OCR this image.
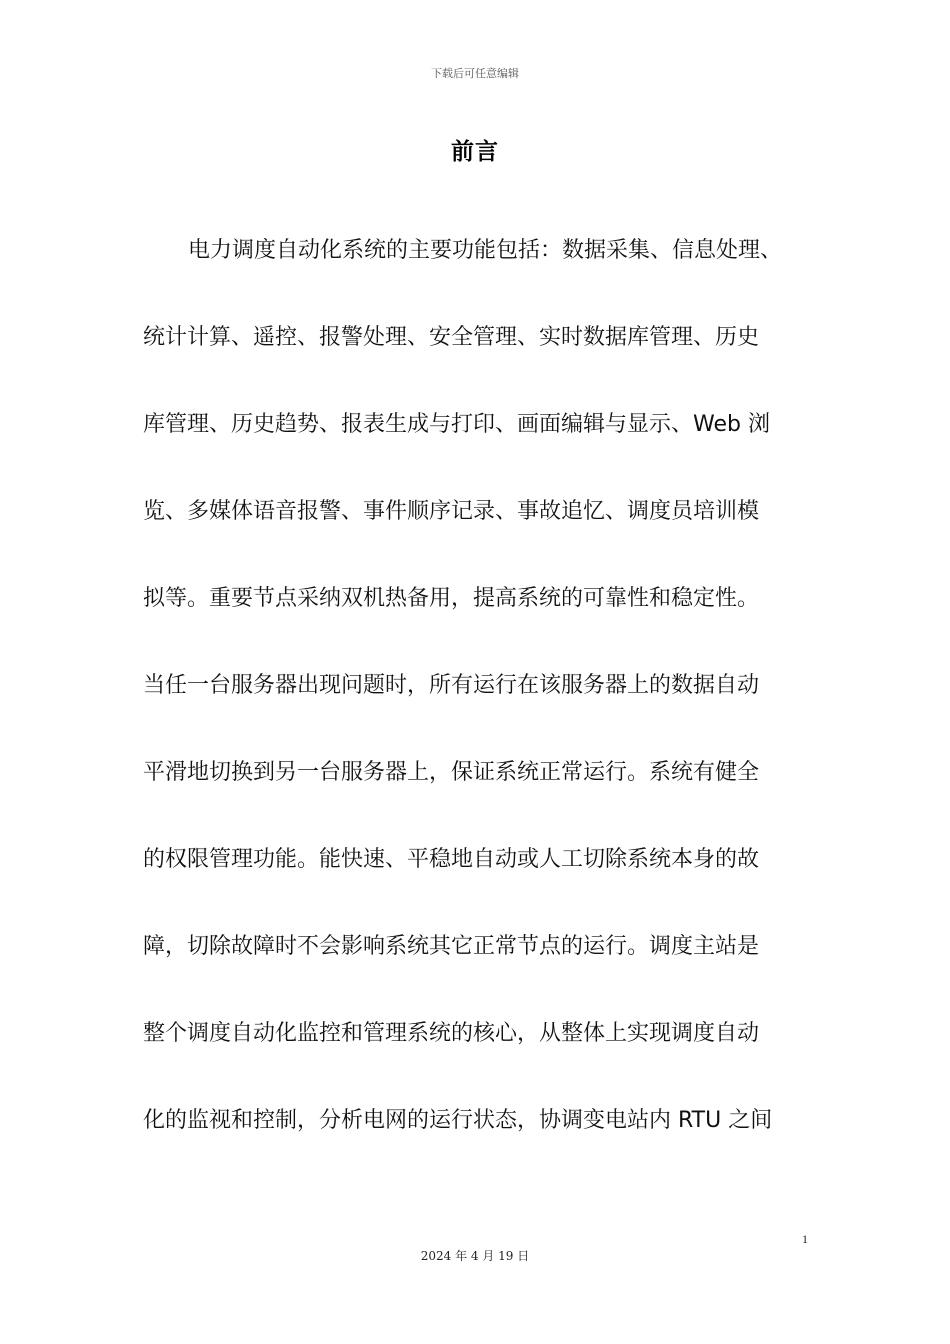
下载后可任意编辑
前言
电力调度自动化系统的主要功能包括：数据采集、信息处理、
统计计算、遥控、报警处理、安全管理、实时数据库管理、历史
库管理、历史趋势、报表生成与打印、画面编辑与显示、Web 浏
览、多媒体语音报警、事件顺序记录、事故追忆、调度员培训模
拟等。重要节点采纳双机热备用，提高系统的可靠性和稳定性。
当任一台服务器出现问题时，所有运行在该服务器上的数据自动
平滑地切换到另一台服务器上，保证系统正常运行。系统有健全
的权限管理功能。能快速、平稳地自动或人工切除系统本身的故
障，切除故障时不会影响系统其它正常节点的运行。调度主站是
整个调度自动化监控和管理系统的核心，从整体上实现调度自动
化的监视和控制，分析电网的运行状态，协调变电站内 RTU 之间
1
2024 年 4 月 19 日
